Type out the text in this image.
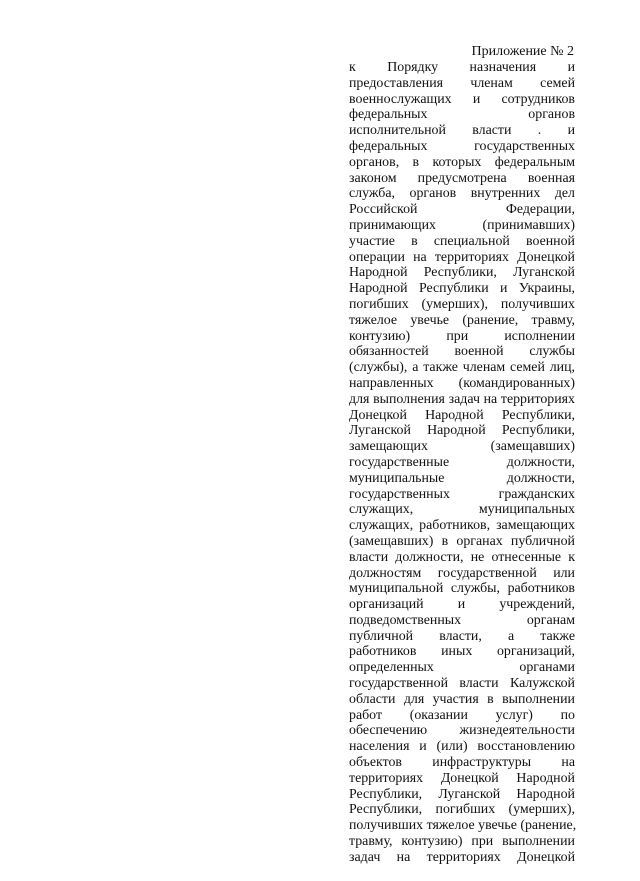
Приложение № 2

к Порядку назначения и
предоставления членам семей
военнослужащих и сотрудников
федеральных органов
исполнительной власти . и
федеральных государственных
органов, в которых федеральным
законом предусмотрена военная
служба, органов внутренних дел
Российской Федерации,
принимающих (принимавших)
участие в специальной военной
операции на территориях Донецкой
Народной Республики, Луганской
Народной Республики и Украины,
погибших (умерших), получивших
тяжелое увечье (ранение, травму,
контузию) при исполнении
обязанностей военной службы
(службы), а также членам семей лиц,
направленных (командированных)
для выполнения задач на территориях
Донецкой Народной Республики,
Луганской Народной Республики,
замещающих (замещавших)
государственные должности,
муниципальные должности,
государственных гражданских
служащих, муниципальных
служащих, работников, замещающих
(замещавших) в органах публичной
власти должности, не отнесенные к
должностям государственной или
муниципальной службы, работников
организаций и учреждений,
подведомственных органам
публичной власти, а также
работников иных организаций,
определенных органами
государственной власти Калужской
области для участия в выполнении
работ (оказании услуг) по
обеспечению жизнедеятельности
населения и (или) восстановлению
объектов инфраструктуры на
территориях Донецкой Народной
Республики, Луганской Народной
Республики, погибших (умерших),
получивших тяжелое увечье (ранение,
травму, контузию) при выполнении
задач на территориях Донецкой
